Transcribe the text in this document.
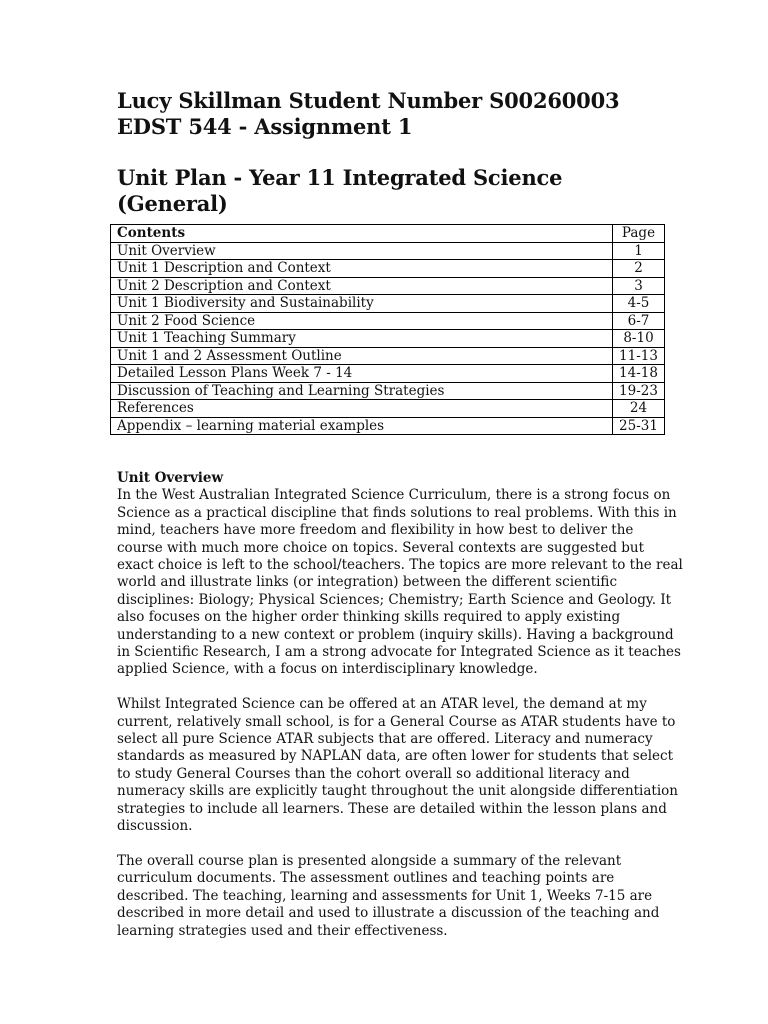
Lucy Skillman Student Number S00260003

EDST 544 - Assignment 1

Unit Plan - Year 11 Integrated Science (General)

Contents	Page
Unit Overview	1
Unit 1 Description and Context	2
Unit 2 Description and Context	3
Unit 1 Biodiversity and Sustainability	4-5
Unit 2 Food Science	6-7
Unit 1 Teaching Summary	8-10
Unit 1 and 2 Assessment Outline	11-13
Detailed Lesson Plans Week 7 - 14	14-18
Discussion of Teaching and Learning Strategies	19-23
References	24
Appendix – learning material examples	25-31

Unit Overview

In the West Australian Integrated Science Curriculum, there is a strong focus on Science as a practical discipline that finds solutions to real problems. With this in mind, teachers have more freedom and flexibility in how best to deliver the course with much more choice on topics. Several contexts are suggested but exact choice is left to the school/teachers. The topics are more relevant to the real world and illustrate links (or integration) between the different scientific disciplines: Biology; Physical Sciences; Chemistry; Earth Science and Geology. It also focuses on the higher order thinking skills required to apply existing understanding to a new context or problem (inquiry skills). Having a background in Scientific Research, I am a strong advocate for Integrated Science as it teaches applied Science, with a focus on interdisciplinary knowledge.

Whilst Integrated Science can be offered at an ATAR level, the demand at my current, relatively small school, is for a General Course as ATAR students have to select all pure Science ATAR subjects that are offered. Literacy and numeracy standards as measured by NAPLAN data, are often lower for students that select to study General Courses than the cohort overall so additional literacy and numeracy skills are explicitly taught throughout the unit alongside differentiation strategies to include all learners. These are detailed within the lesson plans and discussion.

The overall course plan is presented alongside a summary of the relevant curriculum documents. The assessment outlines and teaching points are described. The teaching, learning and assessments for Unit 1, Weeks 7-15 are described in more detail and used to illustrate a discussion of the teaching and learning strategies used and their effectiveness.
